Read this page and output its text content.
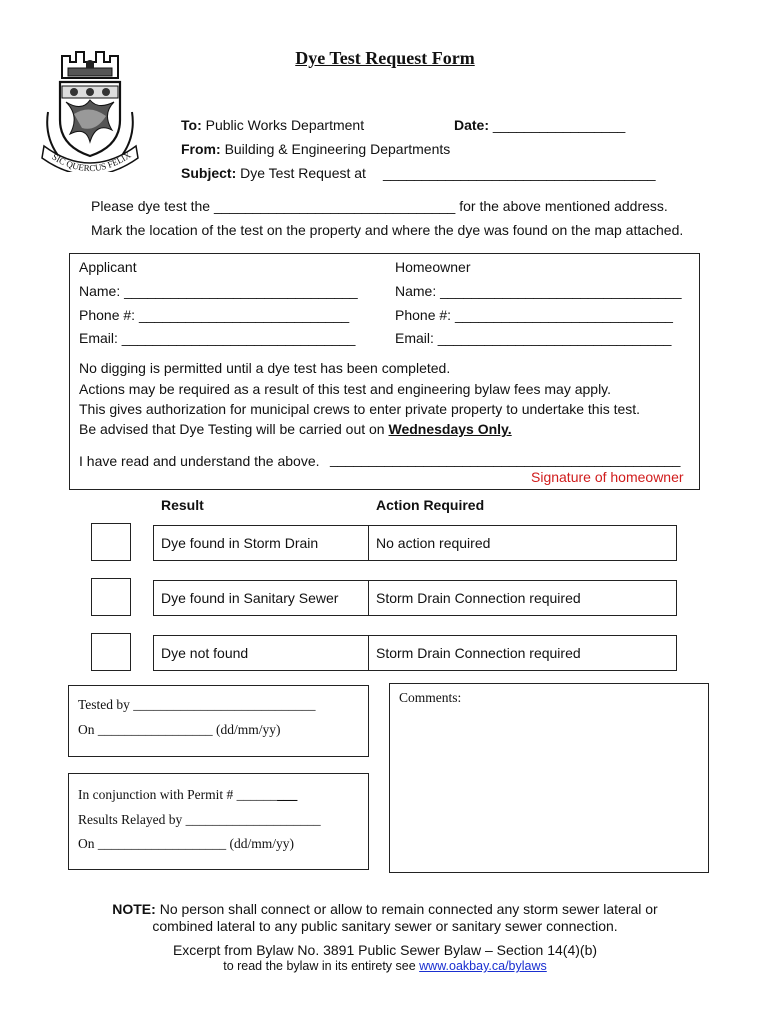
SIC QUERCUS FELIX
Dye Test Request Form
To: Public Works Department	Date: _________________
From: Building & Engineering Departments
Subject: Dye Test Request at ___________________________________
Please dye test the _______________________________ for the above mentioned address.
Mark the location of the test on the property and where the dye was found on the map attached.
Applicant
Name: ______________________________
Phone #: ___________________________
Email: ______________________________
Homeowner
Name: _______________________________
Phone #: ____________________________
Email: ______________________________
No digging is permitted until a dye test has been completed.
Actions may be required as a result of this test and engineering bylaw fees may apply.
This gives authorization for municipal crews to enter private property to undertake this test.
Be advised that Dye Testing will be carried out on Wednesdays Only.
I have read and understand the above. _____________________________________________
Signature of homeowner
Result	Action Required
Dye found in Storm Drain	No action required
Dye found in Sanitary Sewer	Storm Drain Connection required
Dye not found	Storm Drain Connection required
Tested by ___________________________
On _________________ (dd/mm/yy)
Comments:
In conjunction with Permit # _________
Results Relayed by ____________________
On ___________________ (dd/mm/yy)
NOTE: No person shall connect or allow to remain connected any storm sewer lateral or
combined lateral to any public sanitary sewer or sanitary sewer connection.
Excerpt from Bylaw No. 3891 Public Sewer Bylaw – Section 14(4)(b)
to read the bylaw in its entirety see www.oakbay.ca/bylaws
